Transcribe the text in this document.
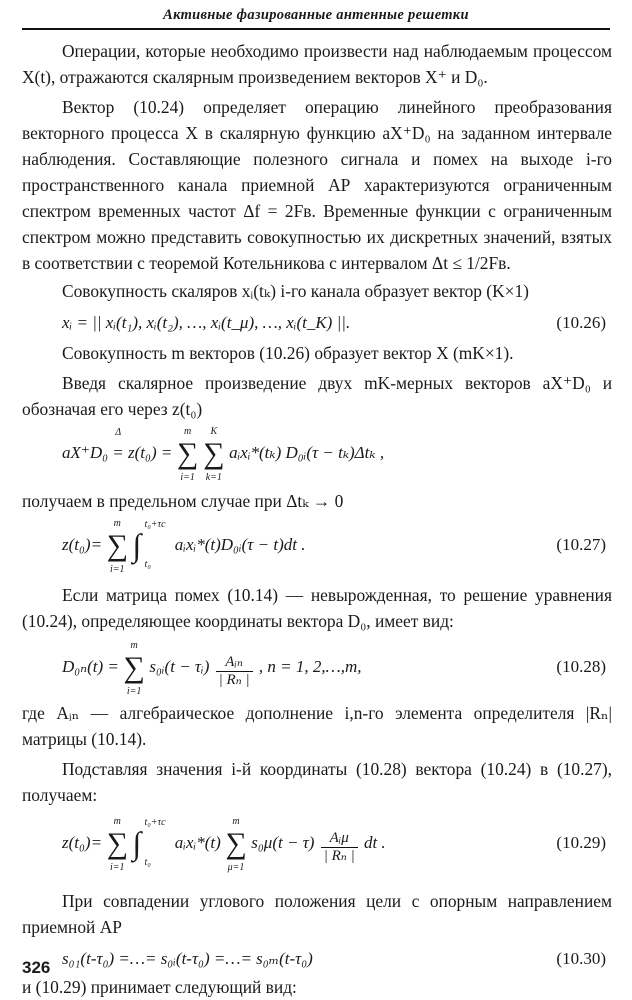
Активные фазированные антенные решетки

Операции, которые необходимо произвести над наблюдаемым процессом X(t), отражаются скалярным произведением векторов X⁺ и D₀.

Вектор (10.24) определяет операцию линейного преобразования векторного процесса X в скалярную функцию aX⁺D₀ на заданном интервале наблюдения. Составляющие полезного сигнала и помех на выходе i-го пространственного канала приемной АР характеризуются ограниченным спектром временных частот Δf = 2Fв. Временные функции с ограниченным спектром можно представить совокупностью их дискретных значений, взятых в соответствии с теоремой Котельникова с интервалом Δt ≤ 1/2Fв.

Совокупность скаляров xᵢ(tₖ) i-го канала образует вектор (K×1)

xᵢ = || xᵢ(t₁), xᵢ(t₂), …, xᵢ(t_μ), …, xᵢ(t_K) ||.	(10.26)

Совокупность m векторов (10.26) образует вектор X (mK×1).

Введя скалярное произведение двух mK-мерных векторов aX⁺D₀ и обозначая его через z(t₀)

aX⁺D₀
Δ
= z(t₀) = ∑
m
i=1
∑
K
k=1
aᵢxᵢ*(tₖ) D₀ᵢ(τ − tₖ)Δtₖ ,

получаем в предельном случае при Δtₖ → 0

z(t₀)= ∑
m
i=1
∫
t₀+τc
t₀
aᵢxᵢ*(t)D₀ᵢ(τ − t)dt .	(10.27)

Если матрица помех (10.14) — невырожденная, то решение уравнения (10.24), определяющее координаты вектора D₀, имеет вид:

D₀ₙ(t) = ∑
m
i=1
s₀ᵢ(t − τᵢ) $\frac{\text{Aᵢₙ}}{\text{| Rₙ |}}$ , n = 1, 2,…,m,	(10.28)

где Aᵢₙ — алгебраическое дополнение i,n-го элемента определителя |Rₙ| матрицы (10.14).

Подставляя значения i-й координаты (10.28) вектора (10.24) в (10.27), получаем:

z(t₀)= ∑
m
i=1
∫
t₀+τc
t₀
aᵢxᵢ*(t) ∑
m
μ=1
$s_0\mu(t - \tau) \frac{\text{Aᵢμ}}{\text{| Rₙ |}}$ dt .	(10.29)

При совпадении углового положения цели с опорным направлением приемной АР

s₀₁(t-τ₀) =…= s₀ᵢ(t-τ₀) =…= s₀ₘ(t-τ₀)	(10.30)

и (10.29) принимает следующий вид:

326
